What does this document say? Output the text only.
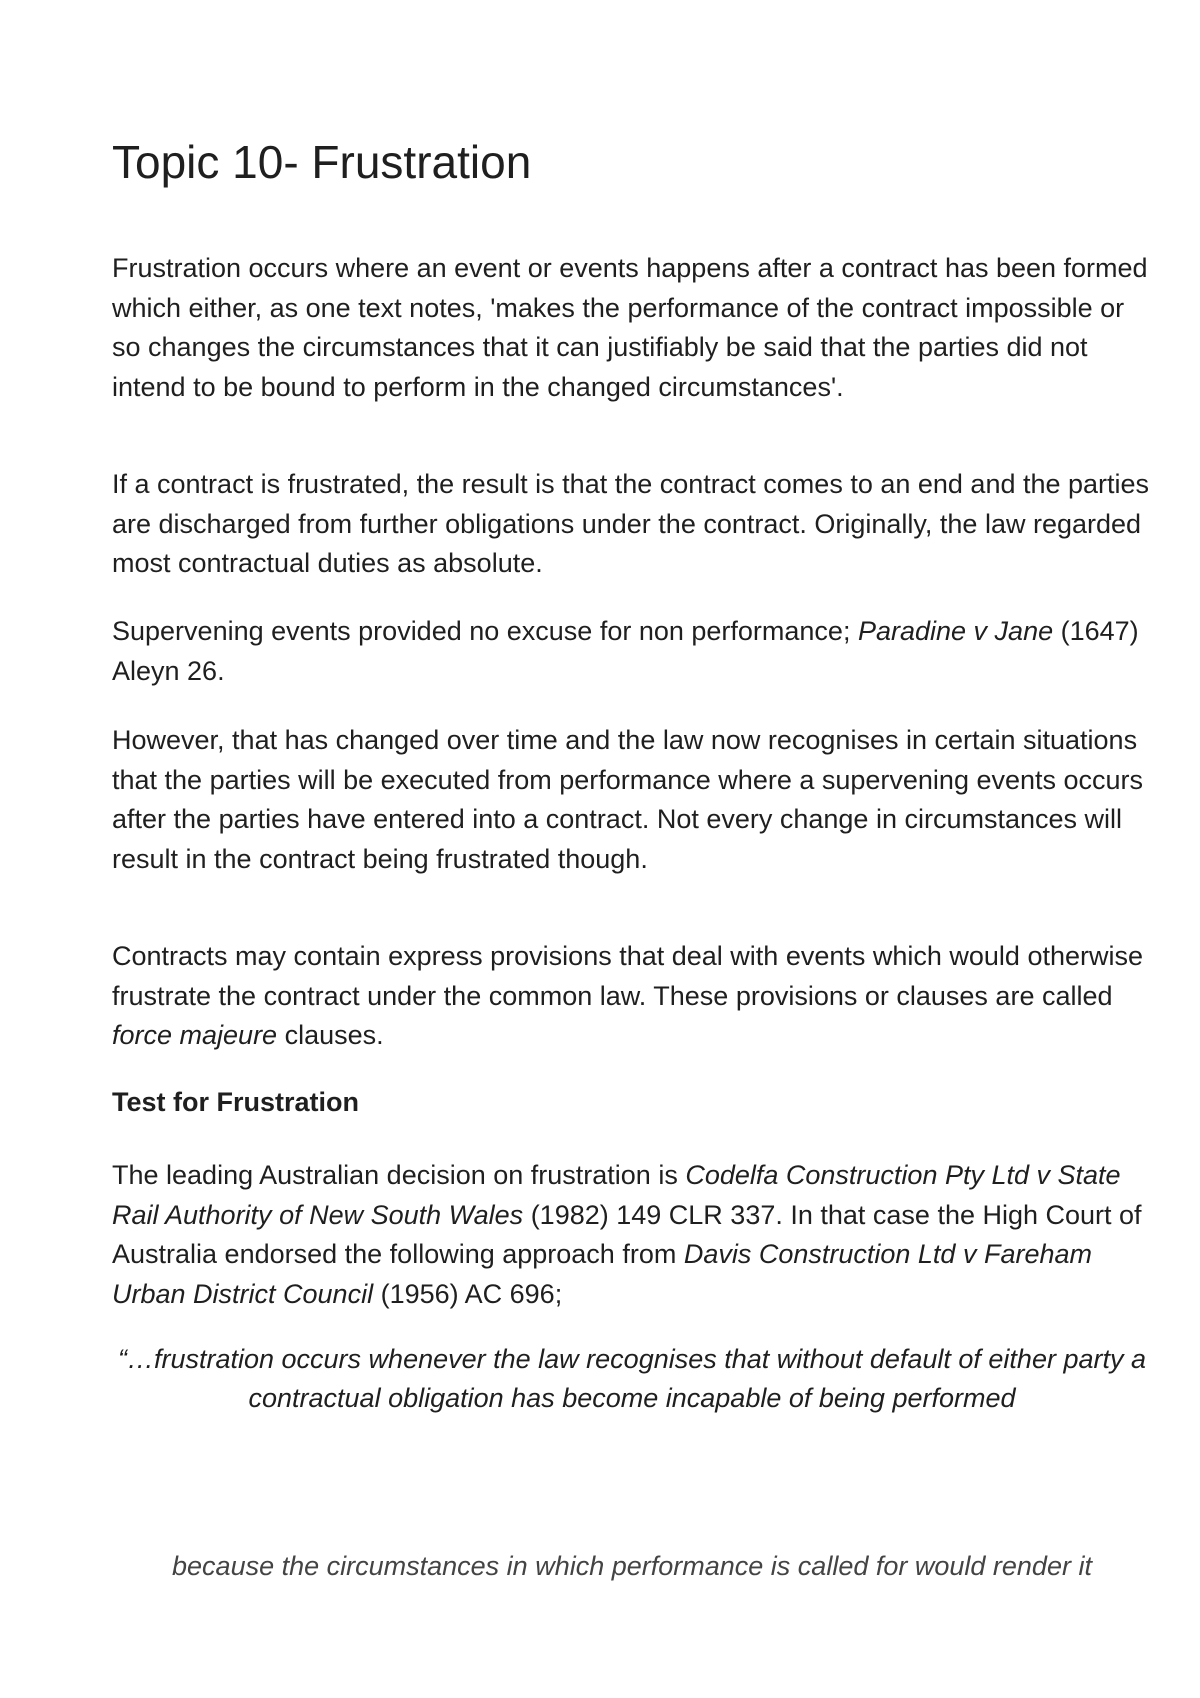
Topic 10- Frustration

Frustration occurs where an event or events happens after a contract has been formed which either, as one text notes, 'makes the performance of the contract impossible or so changes the circumstances that it can justifiably be said that the parties did not intend to be bound to perform in the changed circumstances'.

If a contract is frustrated, the result is that the contract comes to an end and the parties are discharged from further obligations under the contract. Originally, the law regarded most contractual duties as absolute.

Supervening events provided no excuse for non performance; Paradine v Jane (1647) Aleyn 26.

However, that has changed over time and the law now recognises in certain situations that the parties will be executed from performance where a supervening events occurs after the parties have entered into a contract. Not every change in circumstances will result in the contract being frustrated though.

Contracts may contain express provisions that deal with events which would otherwise frustrate the contract under the common law. These provisions or clauses are called force majeure clauses.

Test for Frustration

The leading Australian decision on frustration is Codelfa Construction Pty Ltd v State Rail Authority of New South Wales (1982) 149 CLR 337. In that case the High Court of Australia endorsed the following approach from Davis Construction Ltd v Fareham Urban District Council (1956) AC 696;

“…frustration occurs whenever the law recognises that without default of either party a contractual obligation has become incapable of being performed

because the circumstances in which performance is called for would render it
